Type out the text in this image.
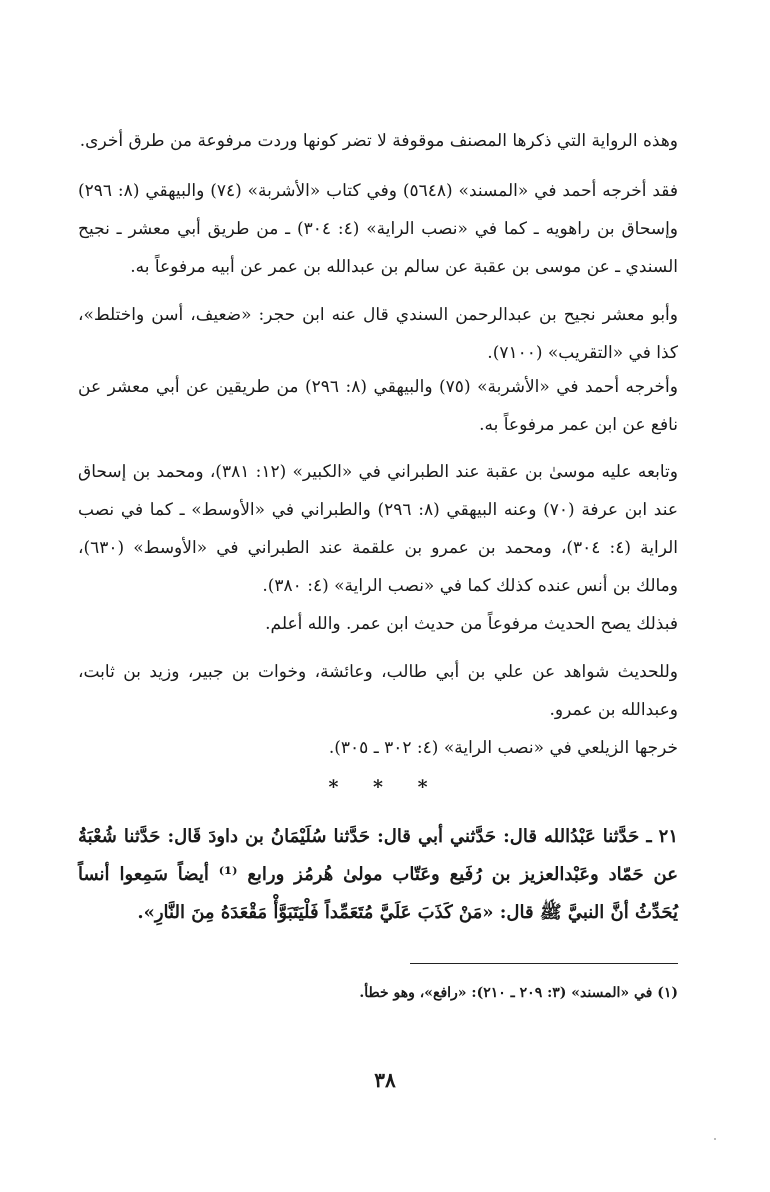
وهذه الرواية التي ذكرها المصنف موقوفة لا تضر كونها وردت مرفوعة من طرق أخرى.

فقد أخرجه أحمد في «المسند» (٥٦٤٨) وفي كتاب «الأشربة» (٧٤) والبيهقي (٨: ٢٩٦) وإسحاق بن راهويه ـ كما في «نصب الراية» (٤: ٣٠٤) ـ من طريق أبي معشر ـ نجيح السندي ـ عن موسى بن عقبة عن سالم بن عبدالله بن عمر عن أبيه مرفوعاً به.

وأبو معشر نجيح بن عبدالرحمن السندي قال عنه ابن حجر: «ضعيف، أسن واختلط»، كذا في «التقريب» (٧١٠٠).

وأخرجه أحمد في «الأشربة» (٧٥) والبيهقي (٨: ٢٩٦) من طريقين عن أبي معشر عن نافع عن ابن عمر مرفوعاً به.

وتابعه عليه موسىٰ بن عقبة عند الطبراني في «الكبير» (١٢: ٣٨١)، ومحمد بن إسحاق عند ابن عرفة (٧٠) وعنه البيهقي (٨: ٢٩٦) والطبراني في «الأوسط» ـ كما في نصب الراية (٤: ٣٠٤)، ومحمد بن عمرو بن علقمة عند الطبراني في «الأوسط» (٦٣٠)، ومالك بن أنس عنده كذلك كما في «نصب الراية» (٤: ٣٨٠).

فبذلك يصح الحديث مرفوعاً من حديث ابن عمر. والله أعلم.

وللحديث شواهد عن علي بن أبي طالب، وعائشة، وخوات بن جبير، وزيد بن ثابت، وعبدالله بن عمرو.

خرجها الزيلعي في «نصب الراية» (٤: ٣٠٢ ـ ٣٠٥).

* * *

٢١ ـ حَدَّثنا عَبْدُالله قال: حَدَّثني أبي قال: حَدَّثنا سُلَيْمَانُ بن داودَ قَال: حَدَّثنا شُعْبَةُ عن حَمّاد وعَبْدالعزيز بن رُفَيع وعَتّاب مولىٰ هُرمُز ورابع ⁽¹⁾ أيضاً سَمِعوا أنساً يُحَدِّثُ أنَّ النبيَّ ﷺ قال: «مَنْ كَذَبَ عَلَيَّ مُتَعَمِّداً فَلْيَتَبَوَّأْ مَقْعَدَهُ مِنَ النَّارِ».

(١) في «المسند» (٣: ٢٠٩ ـ ٢١٠): «رافع»، وهو خطأ.

٣٨
